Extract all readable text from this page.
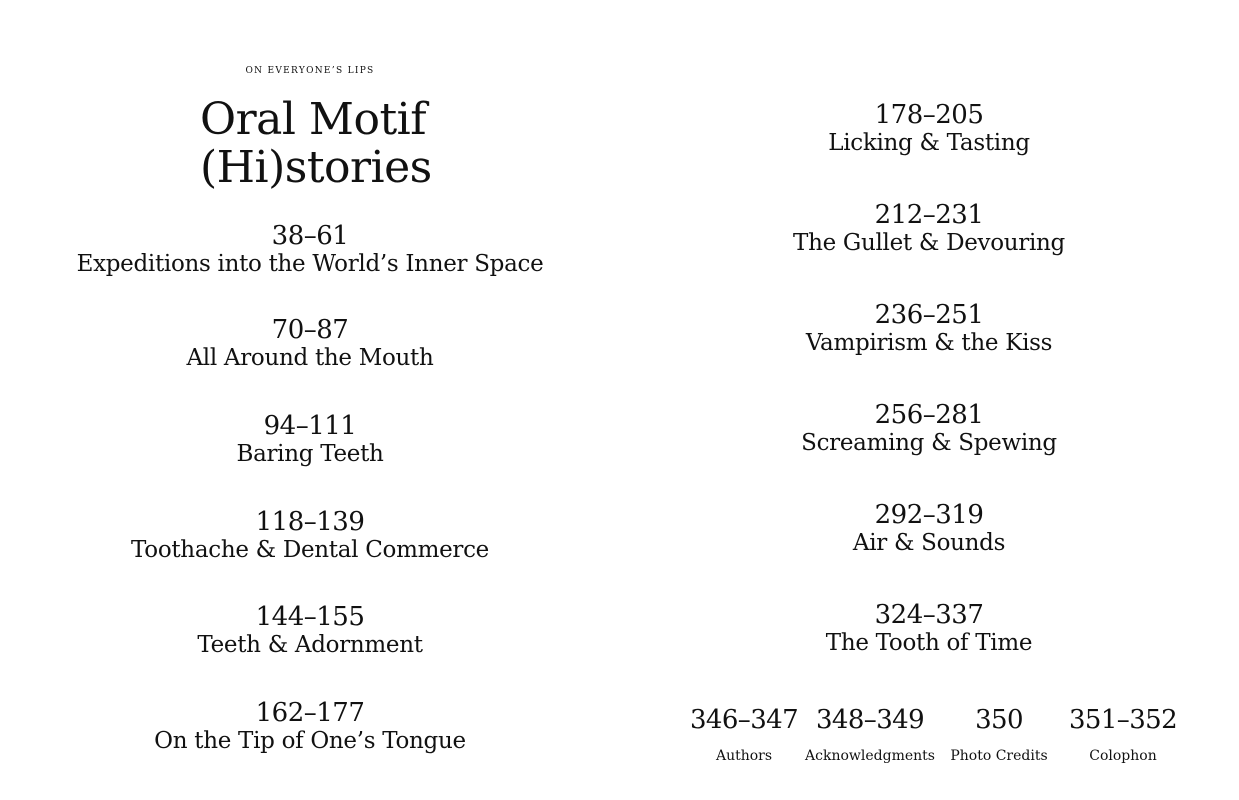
ON EVERYONE’S LIPS
Oral Motif
(Hi)stories
38–61
Expeditions into the World’s Inner Space
70–87
All Around the Mouth
94–111
Baring Teeth
118–139
Toothache & Dental Commerce
144–155
Teeth & Adornment
162–177
On the Tip of One’s Tongue
178–205
Licking & Tasting
212–231
The Gullet & Devouring
236–251
Vampirism & the Kiss
256–281
Screaming & Spewing
292–319
Air & Sounds
324–337
The Tooth of Time
346–347
Authors
348–349
Acknowledgments
350
Photo Credits
351–352
Colophon
